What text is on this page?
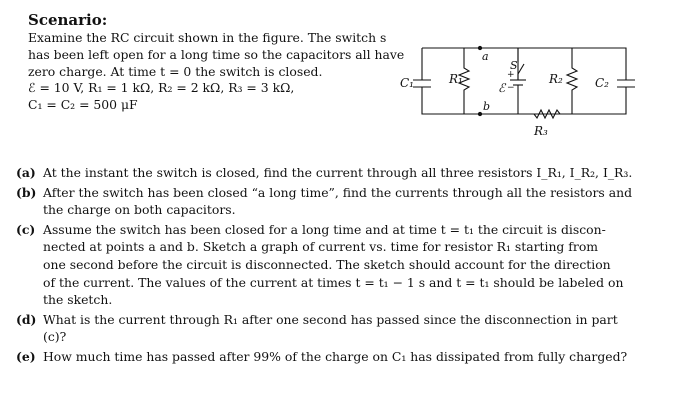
Scenario:
Examine the RC circuit shown in the figure. The switch s
has been left open for a long time so the capacitors all have
zero charge. At time t = 0 the switch is closed.
ℰ = 10 V, R₁ = 1 kΩ, R₂ = 2 kΩ, R₃ = 3 kΩ,
C₁ = C₂ = 500 μF
C₁	R₁
a
b
S
ℰ
+
−
R₂	C₂
R₃
(a) At the instant the switch is closed, find the current through all three resistors I_R₁, I_R₂, I_R₃.
(b) After the switch has been closed “a long time”, find the currents through all the resistors and
the charge on both capacitors.
(c) Assume the switch has been closed for a long time and at time t = t₁ the circuit is discon-
nected at points a and b. Sketch a graph of current vs. time for resistor R₁ starting from
one second before the circuit is disconnected. The sketch should account for the direction
of the current. The values of the current at times t = t₁ − 1 s and t = t₁ should be labeled on
the sketch.
(d) What is the current through R₁ after one second has passed since the disconnection in part
(c)?
(e) How much time has passed after 99% of the charge on C₁ has dissipated from fully charged?
